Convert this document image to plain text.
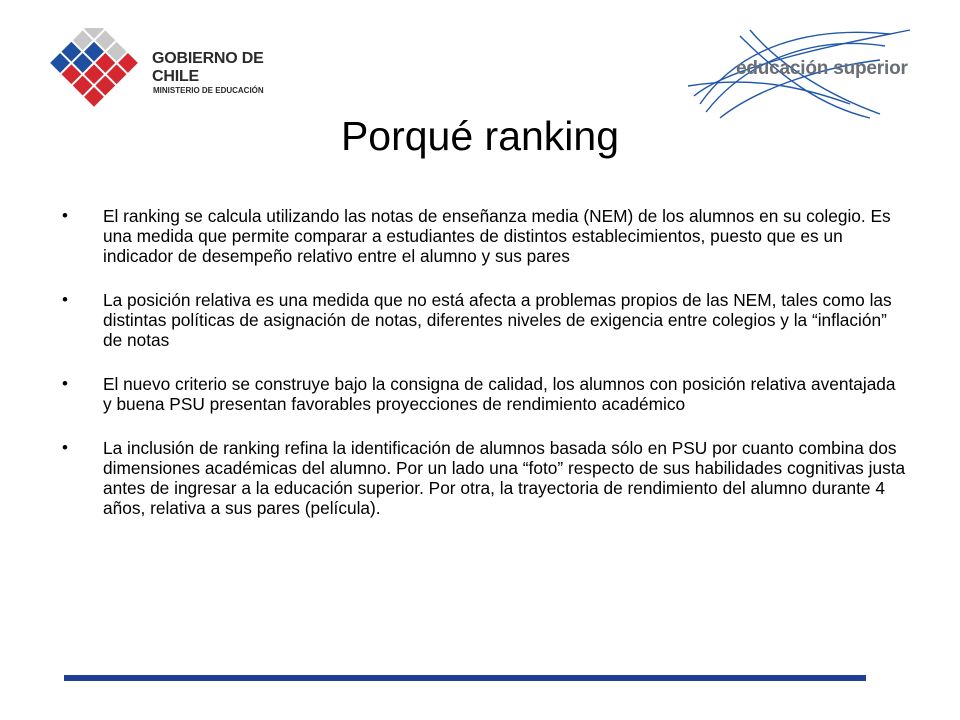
GOBIERNO DE CHILE
MINISTERIO DE EDUCACIÓN
educación superior
Porqué ranking
• El ranking se calcula utilizando las notas de enseñanza media (NEM) de los alumnos en su colegio. Es una medida que permite comparar a estudiantes de distintos establecimientos, puesto que es un indicador de desempeño relativo entre el alumno y sus pares
• La posición relativa es una medida que no está afecta a problemas propios de las NEM, tales como las distintas políticas de asignación de notas, diferentes niveles de exigencia entre colegios y la “inflación” de notas
• El nuevo criterio se construye bajo la consigna de calidad, los alumnos con posición relativa aventajada y buena PSU presentan favorables proyecciones de rendimiento académico
• La inclusión de ranking refina la identificación de alumnos basada sólo en PSU por cuanto combina dos dimensiones académicas del alumno. Por un lado una “foto” respecto de sus habilidades cognitivas justa antes de ingresar a la educación superior. Por otra, la trayectoria de rendimiento del alumno durante 4 años, relativa a sus pares (película).
